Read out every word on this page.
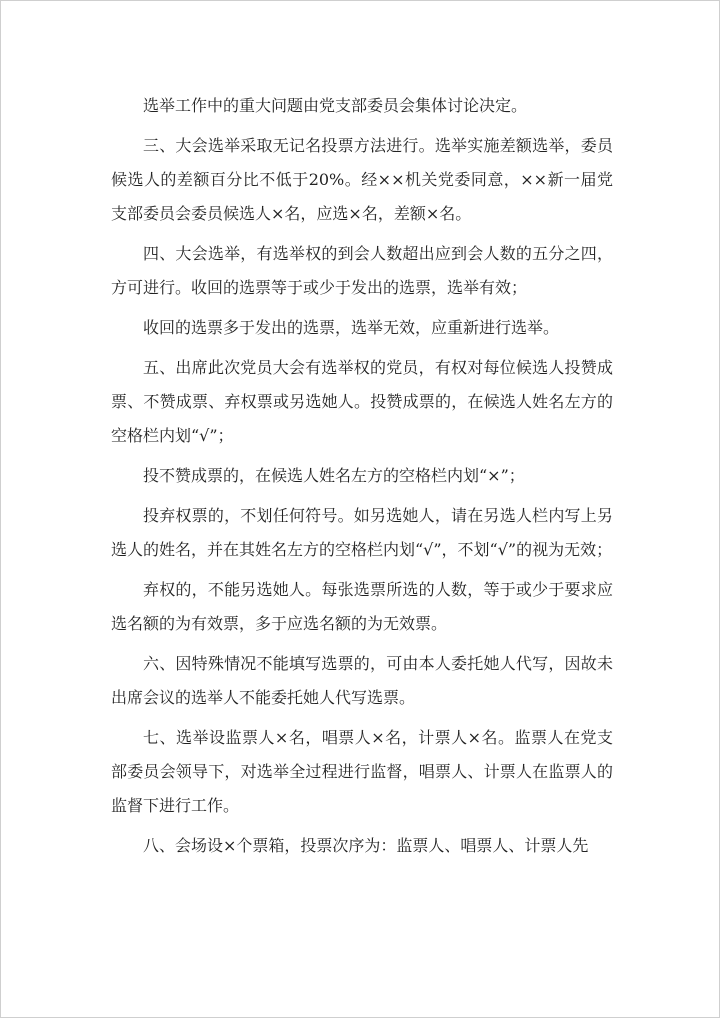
选举工作中的重大问题由党支部委员会集体讨论决定。

三、大会选举采取无记名投票方法进行。选举实施差额选举，委员候选人的差额百分比不低于20%。经××机关党委同意，××新一届党支部委员会委员候选人×名，应选×名，差额×名。

四、大会选举，有选举权的到会人数超出应到会人数的五分之四，方可进行。收回的选票等于或少于发出的选票，选举有效；

收回的选票多于发出的选票，选举无效，应重新进行选举。

五、出席此次党员大会有选举权的党员，有权对每位候选人投赞成票、不赞成票、弃权票或另选她人。投赞成票的，在候选人姓名左方的空格栏内划“√”；

投不赞成票的，在候选人姓名左方的空格栏内划“×”；

投弃权票的，不划任何符号。如另选她人，请在另选人栏内写上另选人的姓名，并在其姓名左方的空格栏内划“√”，不划“√”的视为无效；

弃权的，不能另选她人。每张选票所选的人数，等于或少于要求应选名额的为有效票，多于应选名额的为无效票。

六、因特殊情况不能填写选票的，可由本人委托她人代写，因故未出席会议的选举人不能委托她人代写选票。

七、选举设监票人×名，唱票人×名，计票人×名。监票人在党支部委员会领导下，对选举全过程进行监督，唱票人、计票人在监票人的监督下进行工作。

八、会场设×个票箱，投票次序为：监票人、唱票人、计票人先
